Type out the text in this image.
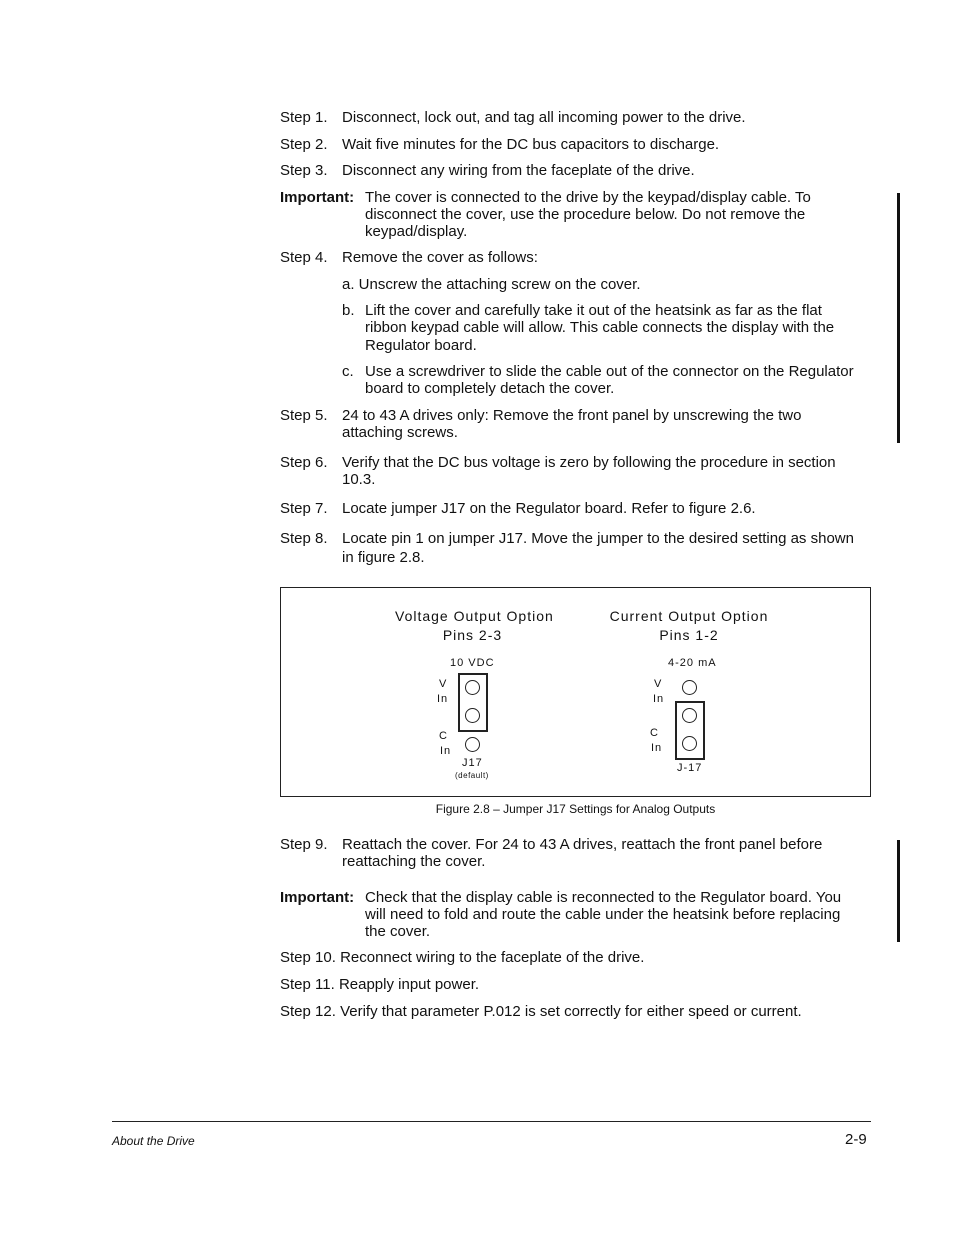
Step 1. Disconnect, lock out, and tag all incoming power to the drive.
Step 2. Wait five minutes for the DC bus capacitors to discharge.
Step 3. Disconnect any wiring from the faceplate of the drive.
Important: The cover is connected to the drive by the keypad/display cable. To
disconnect the cover, use the procedure below. Do not remove the
keypad/display.
Step 4. Remove the cover as follows:
a. Unscrew the attaching screw on the cover.
b. Lift the cover and carefully take it out of the heatsink as far as the flat
ribbon keypad cable will allow. This cable connects the display with the
Regulator board.
c. Use a screwdriver to slide the cable out of the connector on the Regulator
board to completely detach the cover.
Step 5. 24 to 43 A drives only: Remove the front panel by unscrewing the two
attaching screws.
Step 6. Verify that the DC bus voltage is zero by following the procedure in section
10.3.
Step 7. Locate jumper J17 on the Regulator board. Refer to figure 2.6.
Step 8. Locate pin 1 on jumper J17. Move the jumper to the desired setting as shown
in figure 2.8.
Voltage Output Option
Pins 2-3
10 VDC
V
In
C
In
J17
(default)
Current Output Option
Pins 1-2
4-20 mA
V
In
C
In
J-17
Figure 2.8 – Jumper J17 Settings for Analog Outputs
Step 9. Reattach the cover. For 24 to 43 A drives, reattach the front panel before
reattaching the cover.
Important: Check that the display cable is reconnected to the Regulator board. You
will need to fold and route the cable under the heatsink before replacing
the cover.
Step 10. Reconnect wiring to the faceplate of the drive.
Step 11. Reapply input power.
Step 12. Verify that parameter P.012 is set correctly for either speed or current.
About the Drive	2-9
